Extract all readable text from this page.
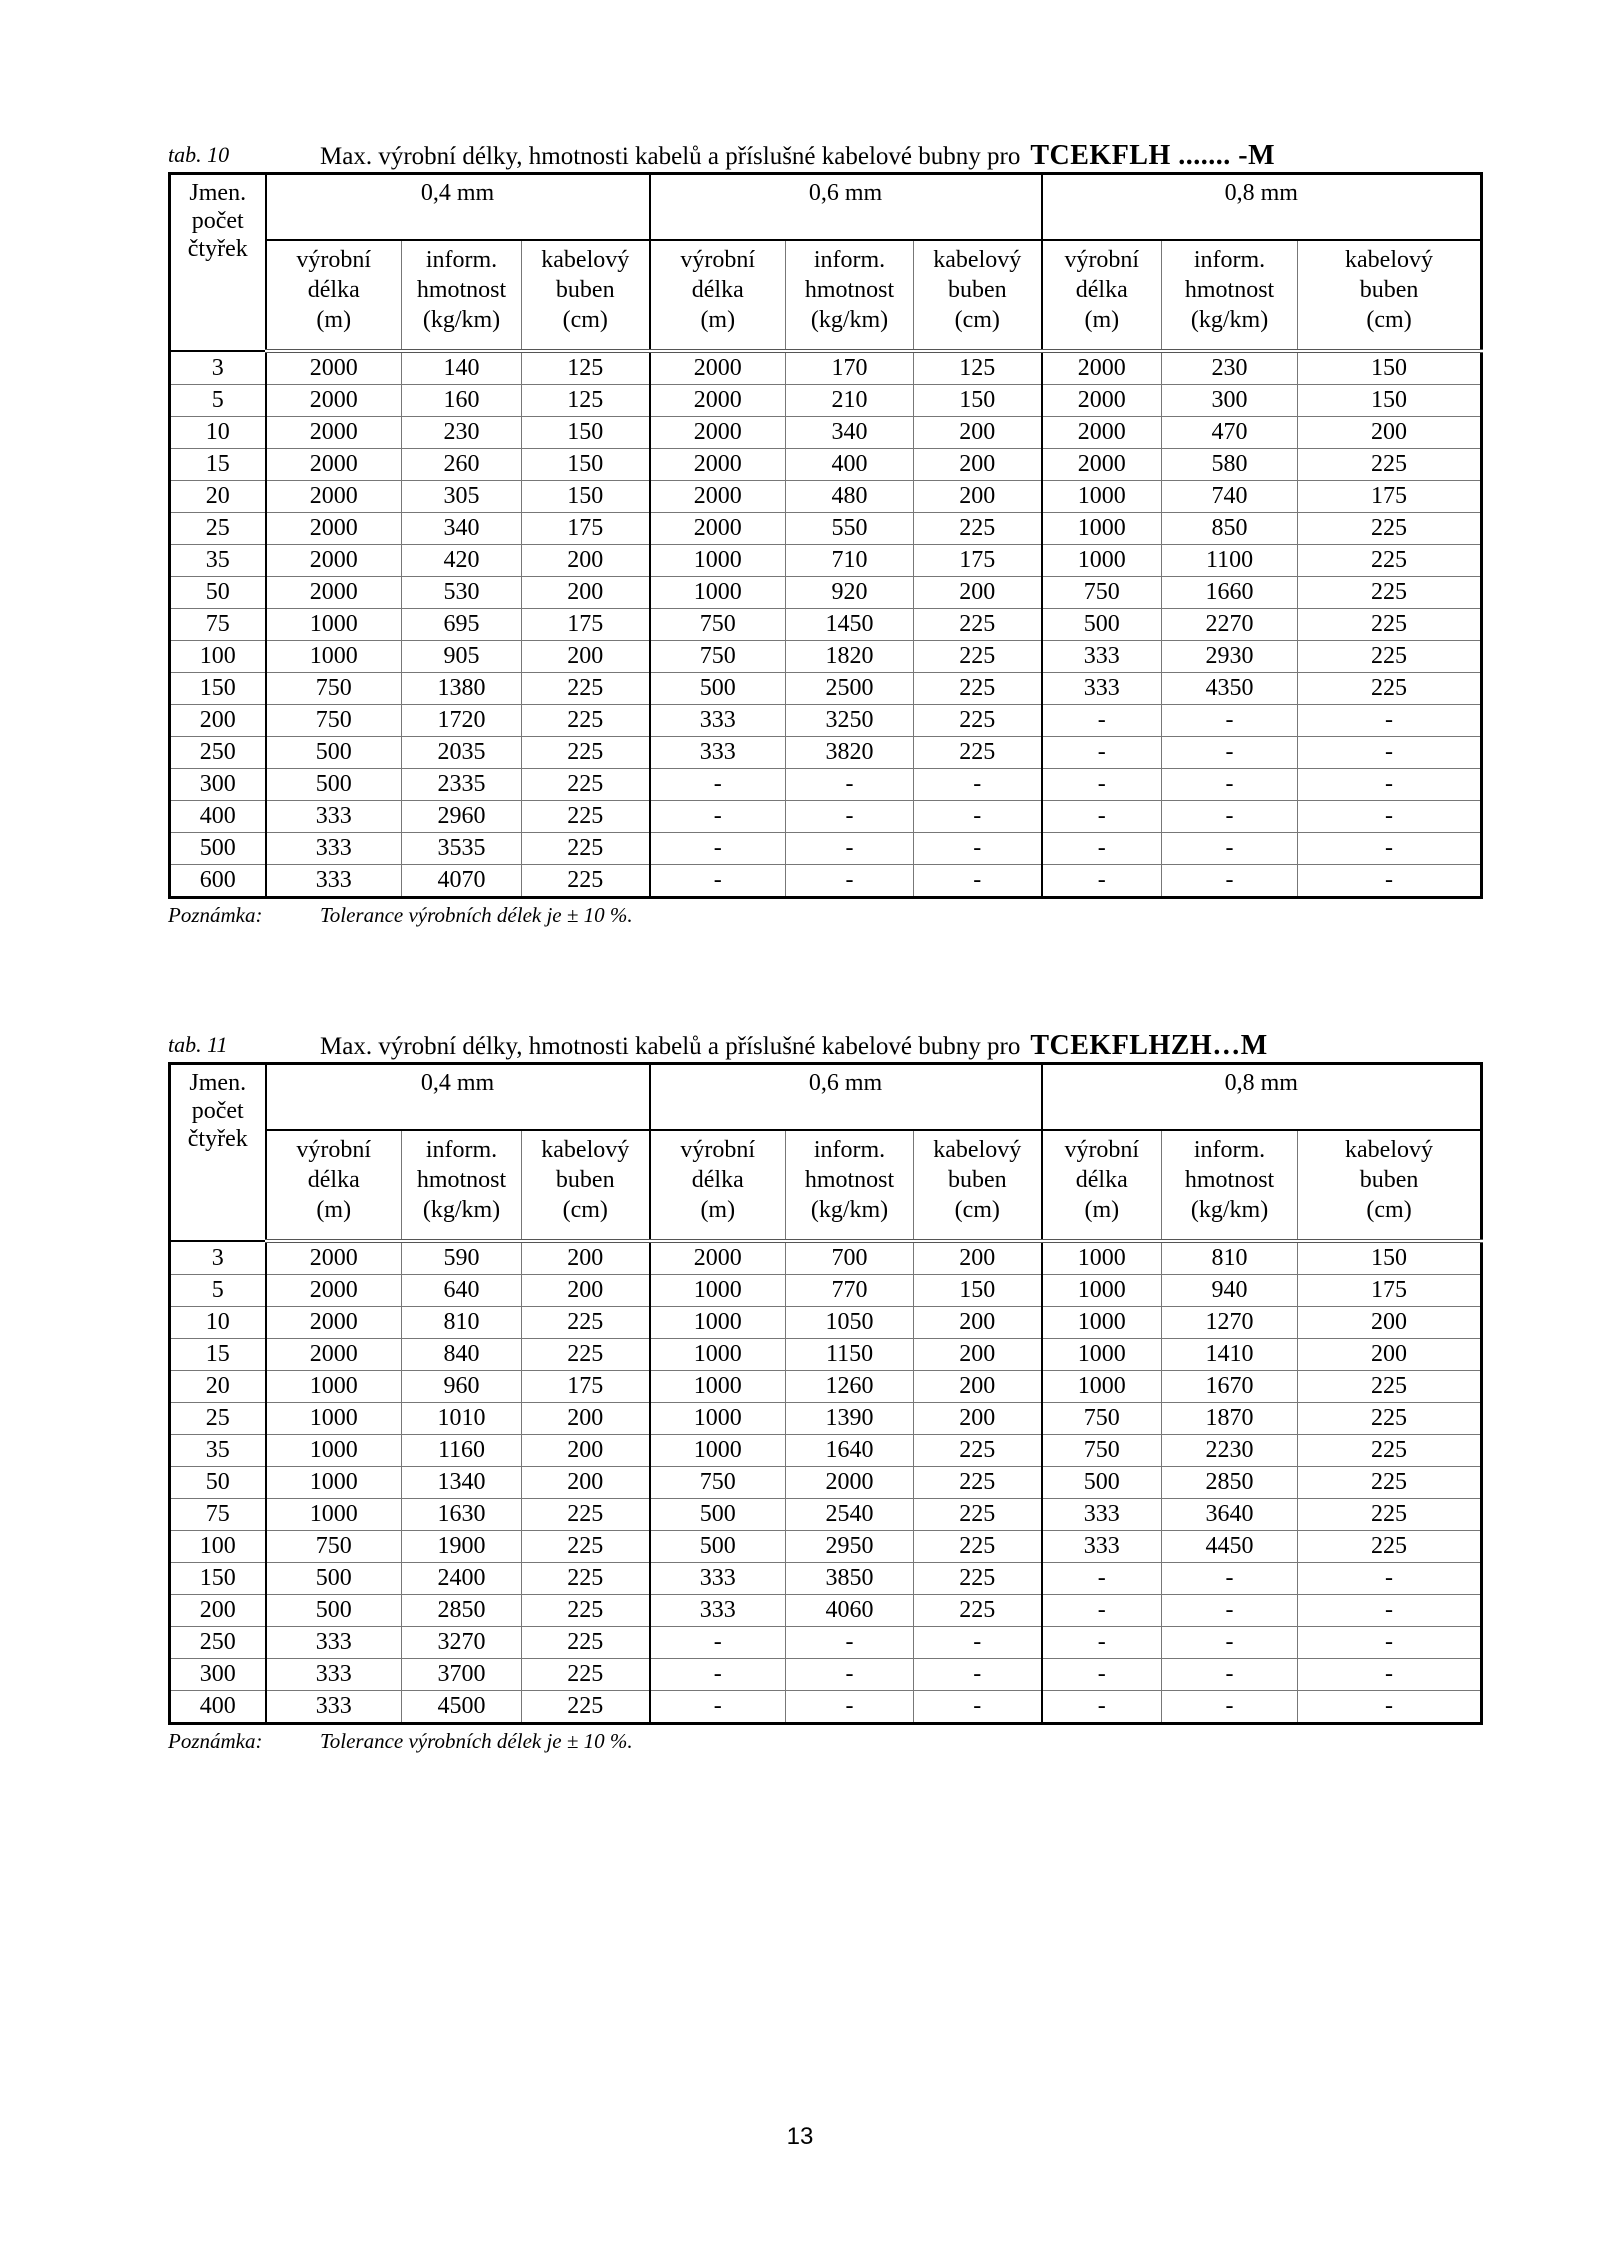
tab. 10	Max. výrobní délky, hmotnosti kabelů a příslušné kabelové bubny pro TCEKFLH ....... -M
Jmen.
počet
čtyřek	0,4 mm			0,6 mm			0,8 mm		
	výrobní
délka
(m)	inform.
hmotnost
(kg/km)	kabelový
buben
(cm)	výrobní
délka
(m)	inform.
hmotnost
(kg/km)	kabelový
buben
(cm)	výrobní
délka
(m)	inform.
hmotnost
(kg/km)	kabelový
buben
(cm)
3	2000	140	125	2000	170	125	2000	230	150
5	2000	160	125	2000	210	150	2000	300	150
10	2000	230	150	2000	340	200	2000	470	200
15	2000	260	150	2000	400	200	2000	580	225
20	2000	305	150	2000	480	200	1000	740	175
25	2000	340	175	2000	550	225	1000	850	225
35	2000	420	200	1000	710	175	1000	1100	225
50	2000	530	200	1000	920	200	750	1660	225
75	1000	695	175	750	1450	225	500	2270	225
100	1000	905	200	750	1820	225	333	2930	225
150	750	1380	225	500	2500	225	333	4350	225
200	750	1720	225	333	3250	225	-	-	-
250	500	2035	225	333	3820	225	-	-	-
300	500	2335	225	-	-	-	-	-	-
400	333	2960	225	-	-	-	-	-	-
500	333	3535	225	-	-	-	-	-	-
600	333	4070	225	-	-	-	-	-	-
Poznámka:	Tolerance výrobních délek je ± 10 %.
tab. 11	Max. výrobní délky, hmotnosti kabelů a příslušné kabelové bubny pro TCEKFLHZH…M
Jmen.
počet
čtyřek	0,4 mm			0,6 mm			0,8 mm		
	výrobní
délka
(m)	inform.
hmotnost
(kg/km)	kabelový
buben
(cm)	výrobní
délka
(m)	inform.
hmotnost
(kg/km)	kabelový
buben
(cm)	výrobní
délka
(m)	inform.
hmotnost
(kg/km)	kabelový
buben
(cm)
3	2000	590	200	2000	700	200	1000	810	150
5	2000	640	200	1000	770	150	1000	940	175
10	2000	810	225	1000	1050	200	1000	1270	200
15	2000	840	225	1000	1150	200	1000	1410	200
20	1000	960	175	1000	1260	200	1000	1670	225
25	1000	1010	200	1000	1390	200	750	1870	225
35	1000	1160	200	1000	1640	225	750	2230	225
50	1000	1340	200	750	2000	225	500	2850	225
75	1000	1630	225	500	2540	225	333	3640	225
100	750	1900	225	500	2950	225	333	4450	225
150	500	2400	225	333	3850	225	-	-	-
200	500	2850	225	333	4060	225	-	-	-
250	333	3270	225	-	-	-	-	-	-
300	333	3700	225	-	-	-	-	-	-
400	333	4500	225	-	-	-	-	-	-
Poznámka:	Tolerance výrobních délek je ± 10 %.
13
